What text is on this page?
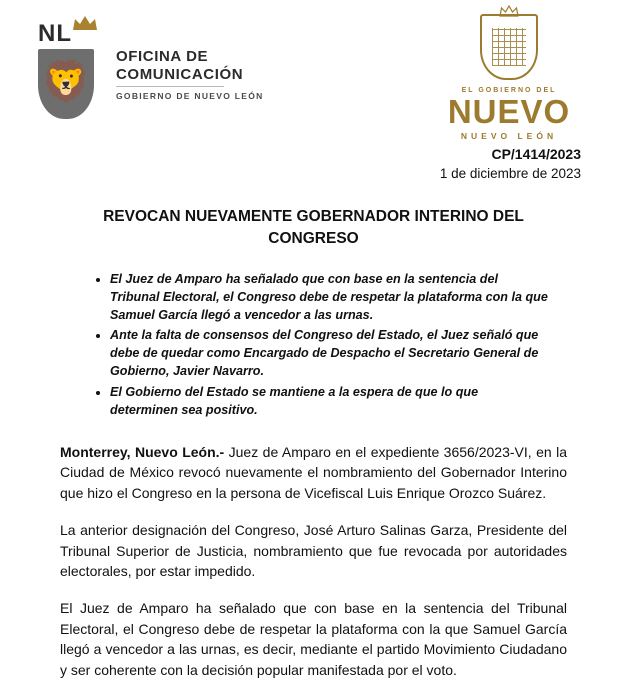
NL
🦁
OFICINA DE
COMUNICACIÓN
GOBIERNO DE NUEVO LEÓN
EL GOBIERNO DEL
NUEVO
NUEVO LEÓN
CP/1414/2023
1 de diciembre de 2023
REVOCAN NUEVAMENTE GOBERNADOR INTERINO DEL CONGRESO
• El Juez de Amparo ha señalado que con base en la sentencia del Tribunal Electoral, el Congreso debe de respetar la plataforma con la que Samuel García llegó a vencedor a las urnas.
• Ante la falta de consensos del Congreso del Estado, el Juez señaló que debe de quedar como Encargado de Despacho el Secretario General de Gobierno, Javier Navarro.
• El Gobierno del Estado se mantiene a la espera de que lo que determinen sea positivo.

Monterrey, Nuevo León.- Juez de Amparo en el expediente 3656/2023-VI, en la Ciudad de México revocó nuevamente el nombramiento del Gobernador Interino que hizo el Congreso en la persona de Vicefiscal Luis Enrique Orozco Suárez.

La anterior designación del Congreso, José Arturo Salinas Garza, Presidente del Tribunal Superior de Justicia, nombramiento que fue revocada por autoridades electorales, por estar impedido.

El Juez de Amparo ha señalado que con base en la sentencia del Tribunal Electoral, el Congreso debe de respetar la plataforma con la que Samuel García llegó a vencedor a las urnas, es decir, mediante el partido Movimiento Ciudadano y ser coherente con la decisión popular manifestada por el voto.
